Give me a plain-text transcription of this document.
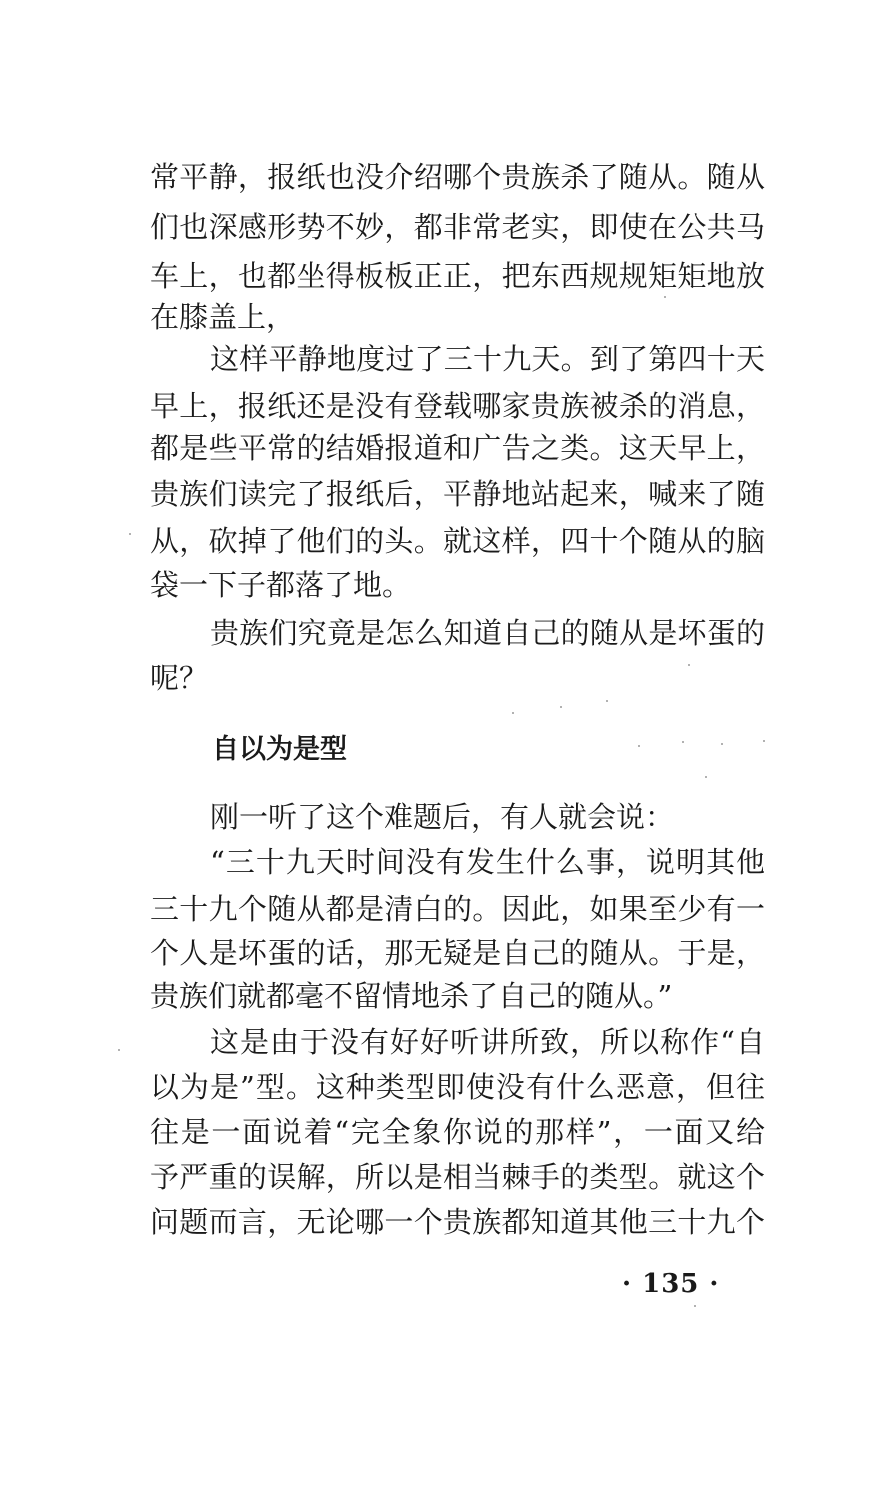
常平静，报纸也没介绍哪个贵族杀了随从。随从
们也深感形势不妙，都非常老实，即使在公共马
车上，也都坐得板板正正，把东西规规矩矩地放
在膝盖上，
这样平静地度过了三十九天。到了第四十天
早上，报纸还是没有登载哪家贵族被杀的消息，
都是些平常的结婚报道和广告之类。这天早上，
贵族们读完了报纸后，平静地站起来，喊来了随
从，砍掉了他们的头。就这样，四十个随从的脑
袋一下子都落了地。
贵族们究竟是怎么知道自己的随从是坏蛋的
呢？
自以为是型
刚一听了这个难题后，有人就会说：
“三十九天时间没有发生什么事，说明其他
三十九个随从都是清白的。因此，如果至少有一
个人是坏蛋的话，那无疑是自己的随从。于是，
贵族们就都毫不留情地杀了自己的随从。”
这是由于没有好好听讲所致，所以称作“自
以为是”型。这种类型即使没有什么恶意，但往
往是一面说着“完全象你说的那样”，一面又给
予严重的误解，所以是相当棘手的类型。就这个
问题而言，无论哪一个贵族都知道其他三十九个
· 135 ·
